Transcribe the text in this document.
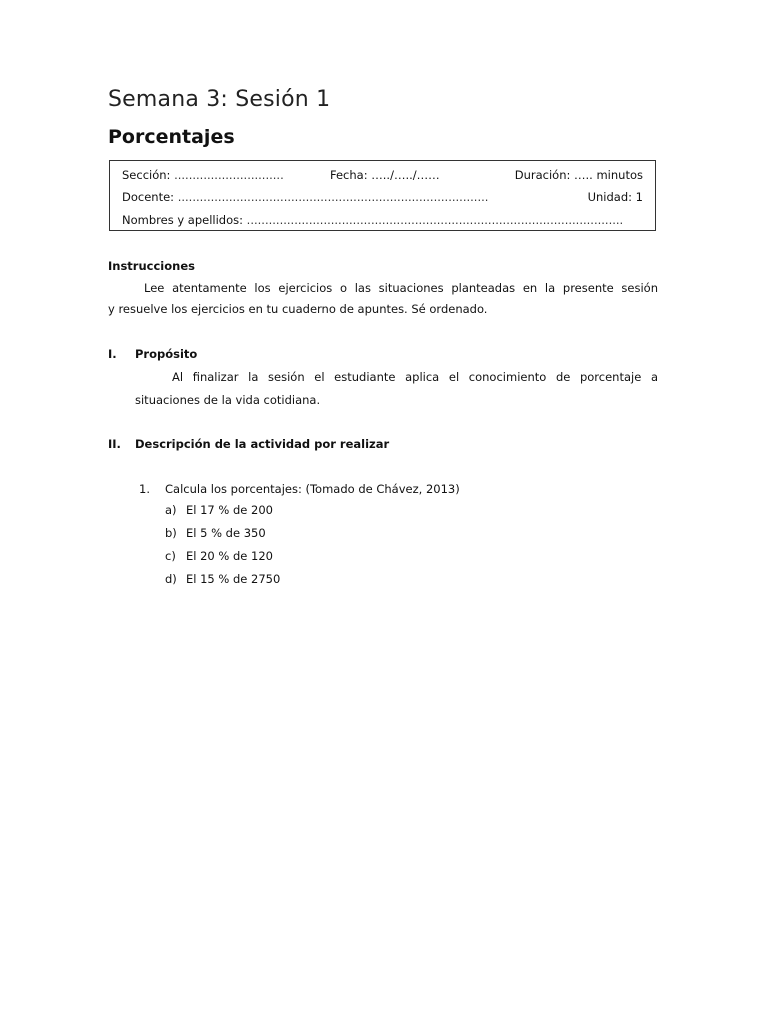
Semana 3: Sesión 1
Porcentajes
Sección: ..............................	Fecha: …../…../……	Duración: ….. minutos
Docente: .....................................................................................	Unidad: 1
Nombres y apellidos: .......................................................................................................
Instrucciones
Lee atentamente los ejercicios o las situaciones planteadas en la presente sesión
y resuelve los ejercicios en tu cuaderno de apuntes. Sé ordenado.
I. Propósito
Al finalizar la sesión el estudiante aplica el conocimiento de porcentaje a
situaciones de la vida cotidiana.
II. Descripción de la actividad por realizar
1. Calcula los porcentajes: (Tomado de Chávez, 2013)
a) El 17 % de 200
b) El 5 % de 350
c) El 20 % de 120
d) El 15 % de 2750
